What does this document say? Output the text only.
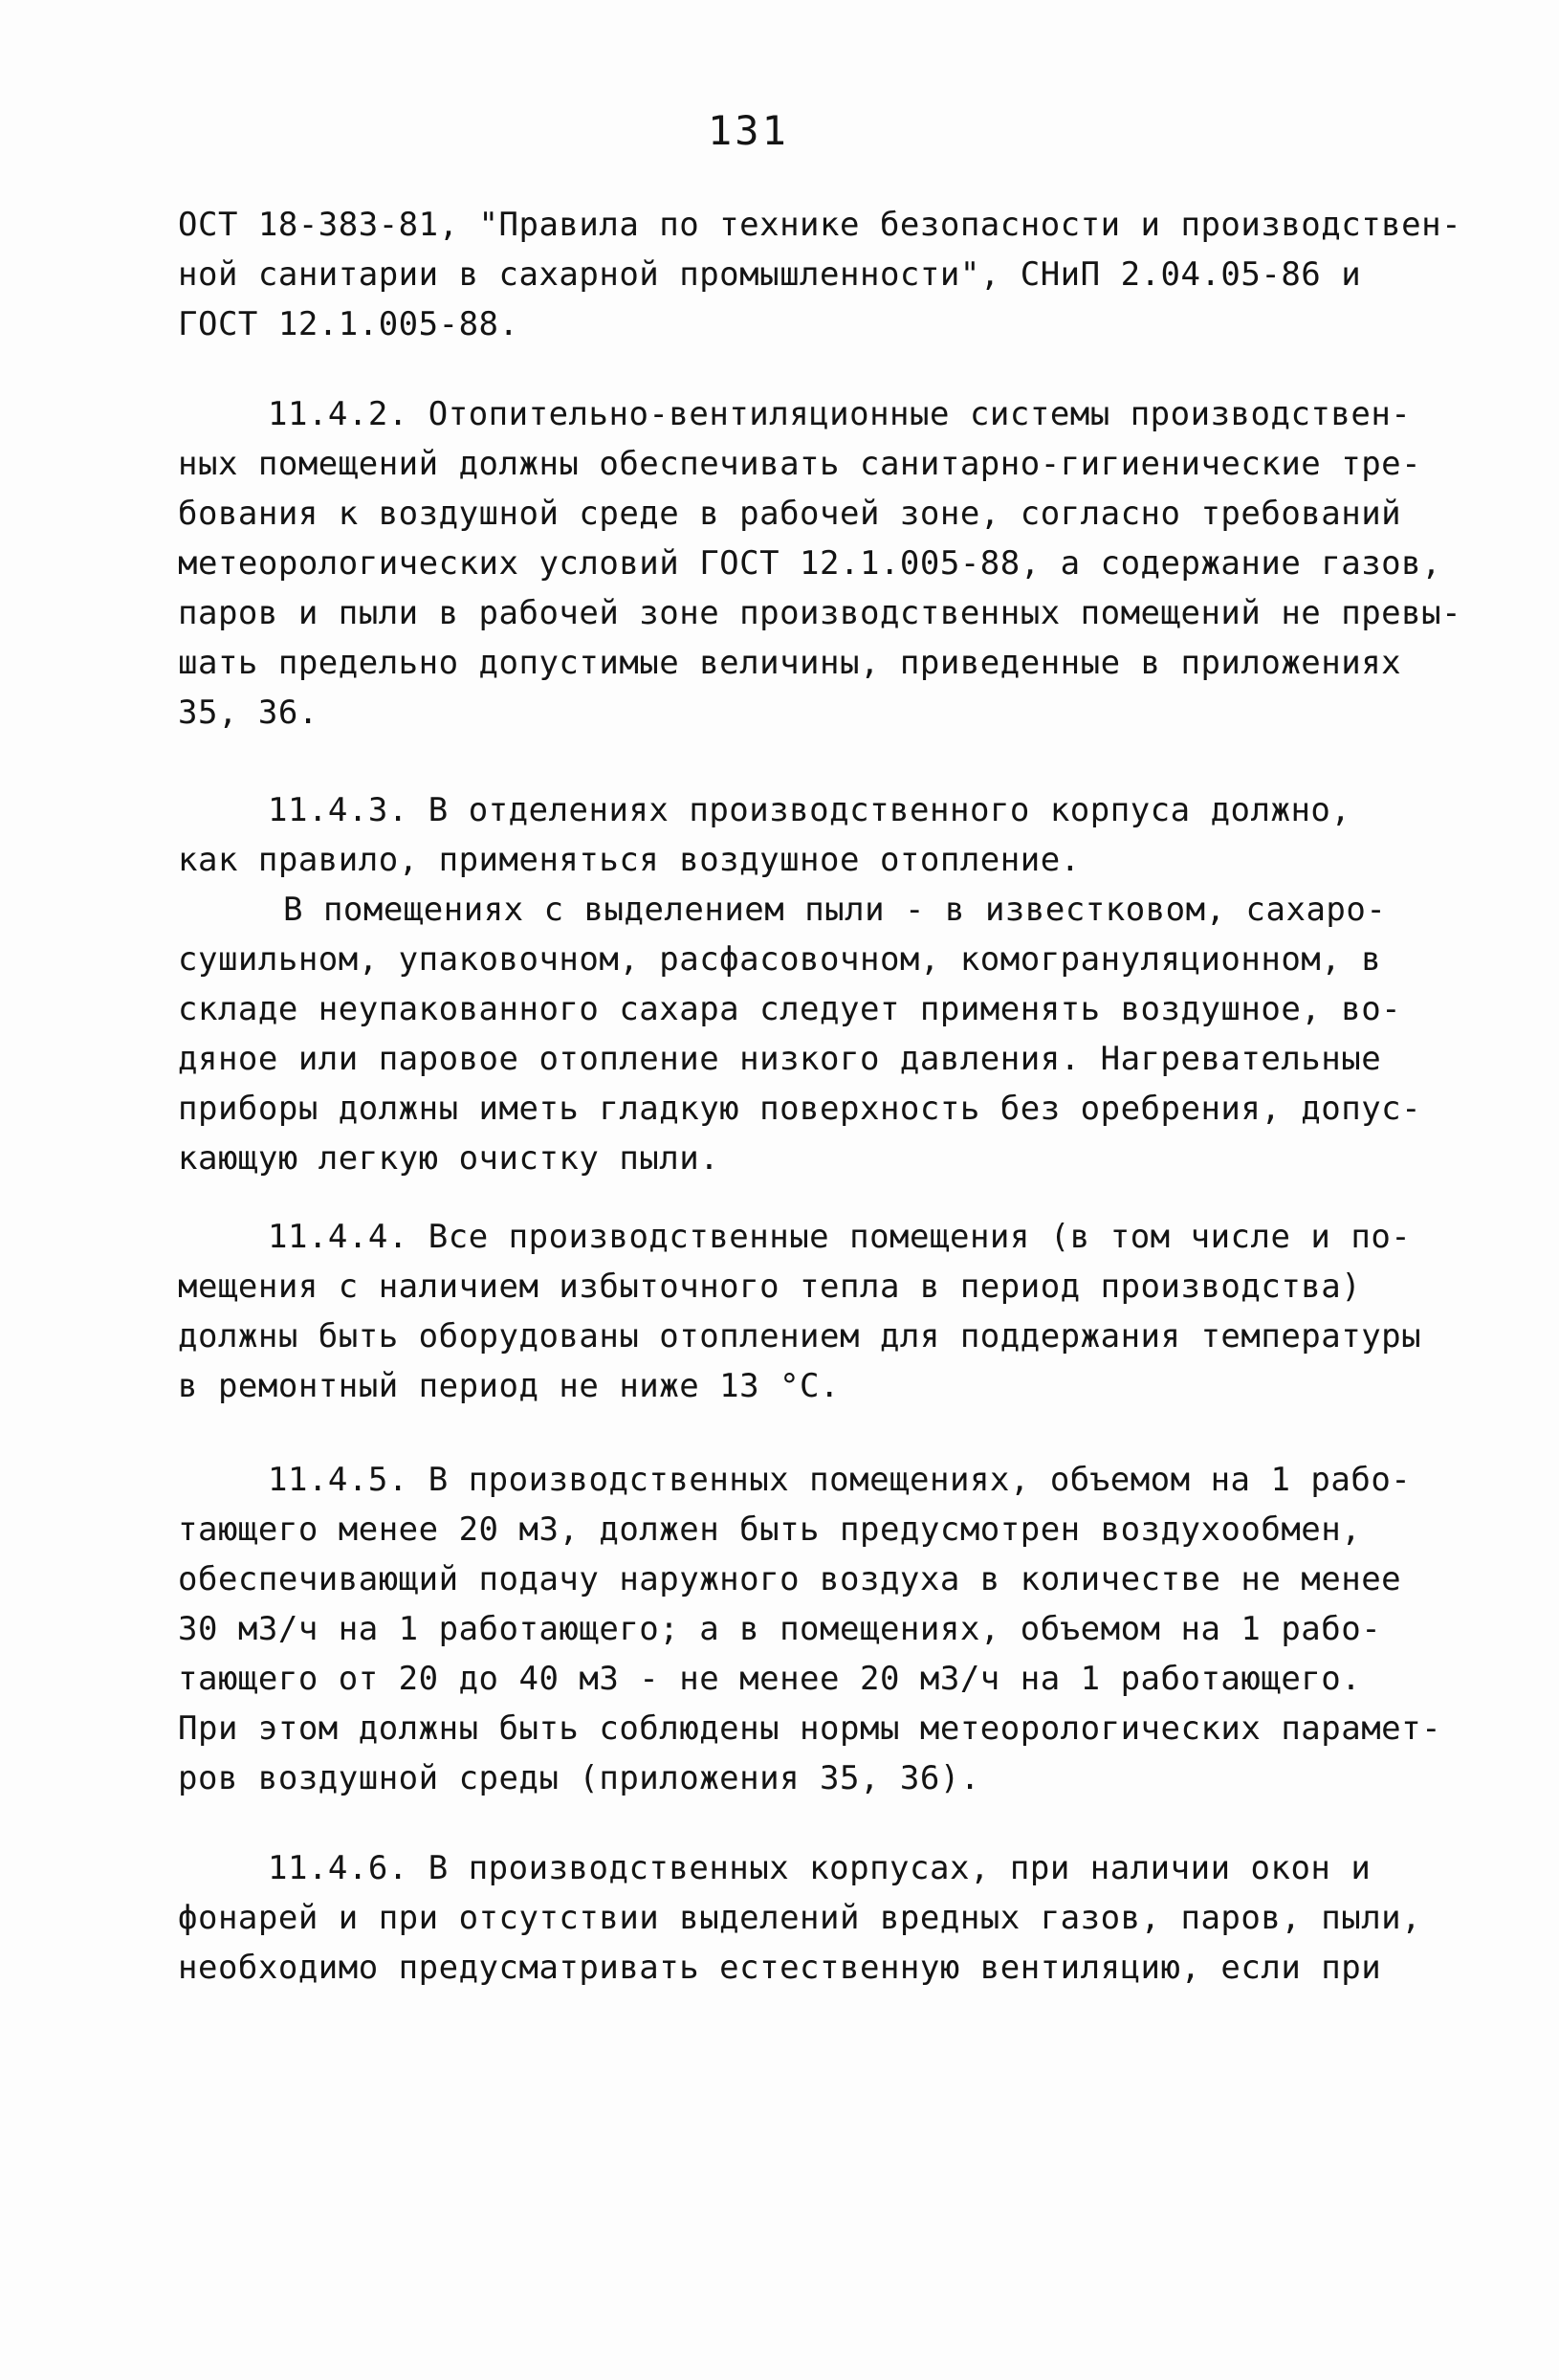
131
ОСТ 18-383-81, "Правила по технике безопасности и производствен-
ной санитарии в сахарной промышленности", СНиП 2.04.05-86 и
ГОСТ 12.1.005-88.
11.4.2. Отопительно-вентиляционные системы производствен-
ных помещений должны обеспечивать санитарно-гигиенические тре-
бования к воздушной среде в рабочей зоне, согласно требований
метеорологических условий ГОСТ 12.1.005-88, а содержание газов,
паров и пыли в рабочей зоне производственных помещений не превы-
шать предельно допустимые величины, приведенные в приложениях
35, 36.
11.4.3. В отделениях производственного корпуса должно,
как правило, применяться воздушное отопление.
В помещениях с выделением пыли - в известковом, сахаро-
сушильном, упаковочном, расфасовочном, комогрануляционном, в
складе неупакованного сахара следует применять воздушное, во-
дяное или паровое отопление низкого давления. Нагревательные
приборы должны иметь гладкую поверхность без оребрения, допус-
кающую легкую очистку пыли.
11.4.4. Все производственные помещения (в том числе и по-
мещения с наличием избыточного тепла в период производства)
должны быть оборудованы отоплением для поддержания температуры
в ремонтный период не ниже 13 °С.
11.4.5. В производственных помещениях, объемом на 1 рабо-
тающего менее 20 м3, должен быть предусмотрен воздухообмен,
обеспечивающий подачу наружного воздуха в количестве не менее
30 м3/ч на 1 работающего; а в помещениях, объемом на 1 рабо-
тающего от 20 до 40 м3 - не менее 20 м3/ч на 1 работающего.
При этом должны быть соблюдены нормы метеорологических парамет-
ров воздушной среды (приложения 35, 36).
11.4.6. В производственных корпусах, при наличии окон и
фонарей и при отсутствии выделений вредных газов, паров, пыли,
необходимо предусматривать естественную вентиляцию, если при
